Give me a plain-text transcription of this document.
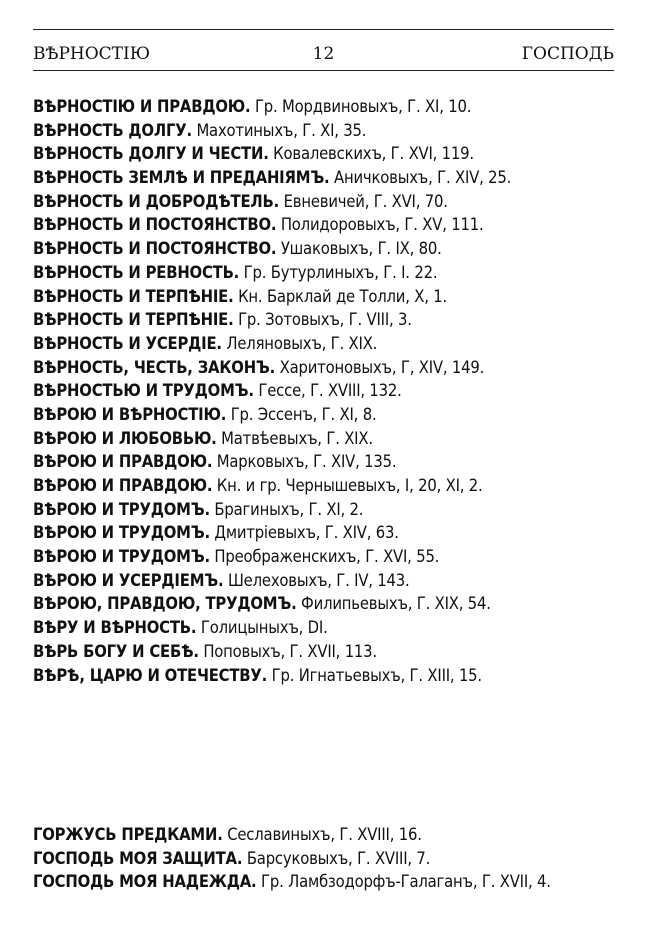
ВѢРНОСТІЮ	12	ГОСПОДЬ
ВѢРНОСТІЮ И ПРАВДОЮ. Гр. Мордвиновыхъ, Г. XI, 10.
ВѢРНОСТЬ ДОЛГУ. Махотиныхъ, Г. XI, 35.
ВѢРНОСТЬ ДОЛГУ И ЧЕСТИ. Ковалевскихъ, Г. XVI, 119.
ВѢРНОСТЬ ЗЕМЛѢ И ПРЕДАНІЯМЪ. Аничковыхъ, Г. XIV, 25.
ВѢРНОСТЬ И ДОБРОДѢТЕЛЬ. Евневичей, Г. XVI, 70.
ВѢРНОСТЬ И ПОСТОЯНСТВО. Полидоровыхъ, Г. XV, 111.
ВѢРНОСТЬ И ПОСТОЯНСТВО. Ушаковыхъ, Г. IX, 80.
ВѢРНОСТЬ И РЕВНОСТЬ. Гр. Бутурлиныхъ, Г. I. 22.
ВѢРНОСТЬ И ТЕРПѢНІЕ. Кн. Барклай де Толли, X, 1.
ВѢРНОСТЬ И ТЕРПѢНІЕ. Гр. Зотовыхъ, Г. VIII, 3.
ВѢРНОСТЬ И УСЕРДІЕ. Леляновыхъ, Г. XIX.
ВѢРНОСТЬ, ЧЕСТЬ, ЗАКОНЪ. Харитоновыхъ, Г, XIV, 149.
ВѢРНОСТЬЮ И ТРУДОМЪ. Гессе, Г. XVIII, 132.
ВѢРОЮ И ВѢРНОСТІЮ. Гр. Эссенъ, Г. XI, 8.
ВѢРОЮ И ЛЮБОВЬЮ. Матвѣевыхъ, Г. XIX.
ВѢРОЮ И ПРАВДОЮ. Марковыхъ, Г. XIV, 135.
ВѢРОЮ И ПРАВДОЮ. Кн. и гр. Чернышевыхъ, I, 20, XI, 2.
ВѢРОЮ И ТРУДОМЪ. Брагиныхъ, Г. XI, 2.
ВѢРОЮ И ТРУДОМЪ. Дмитріевыхъ, Г. XIV, 63.
ВѢРОЮ И ТРУДОМЪ. Преображенскихъ, Г. XVI, 55.
ВѢРОЮ И УСЕРДІЕМЪ. Шелеховыхъ, Г. IV, 143.
ВѢРОЮ, ПРАВДОЮ, ТРУДОМЪ. Филипьевыхъ, Г. XIX, 54.
ВѢРУ И ВѢРНОСТЬ. Голицыныхъ, DI.
ВѢРЬ БОГУ И СЕБѢ. Поповыхъ, Г. XVII, 113.
ВѢРѢ, ЦАРЮ И ОТЕЧЕСТВУ. Гр. Игнатьевыхъ, Г. XIII, 15.
ГОРЖУСЬ ПРЕДКАМИ. Сеславиныхъ, Г. XVIII, 16.
ГОСПОДЬ МОЯ ЗАЩИТА. Барсуковыхъ, Г. XVIII, 7.
ГОСПОДЬ МОЯ НАДЕЖДА. Гр. Ламбзодорфъ-Галаганъ, Г. XVII, 4.
